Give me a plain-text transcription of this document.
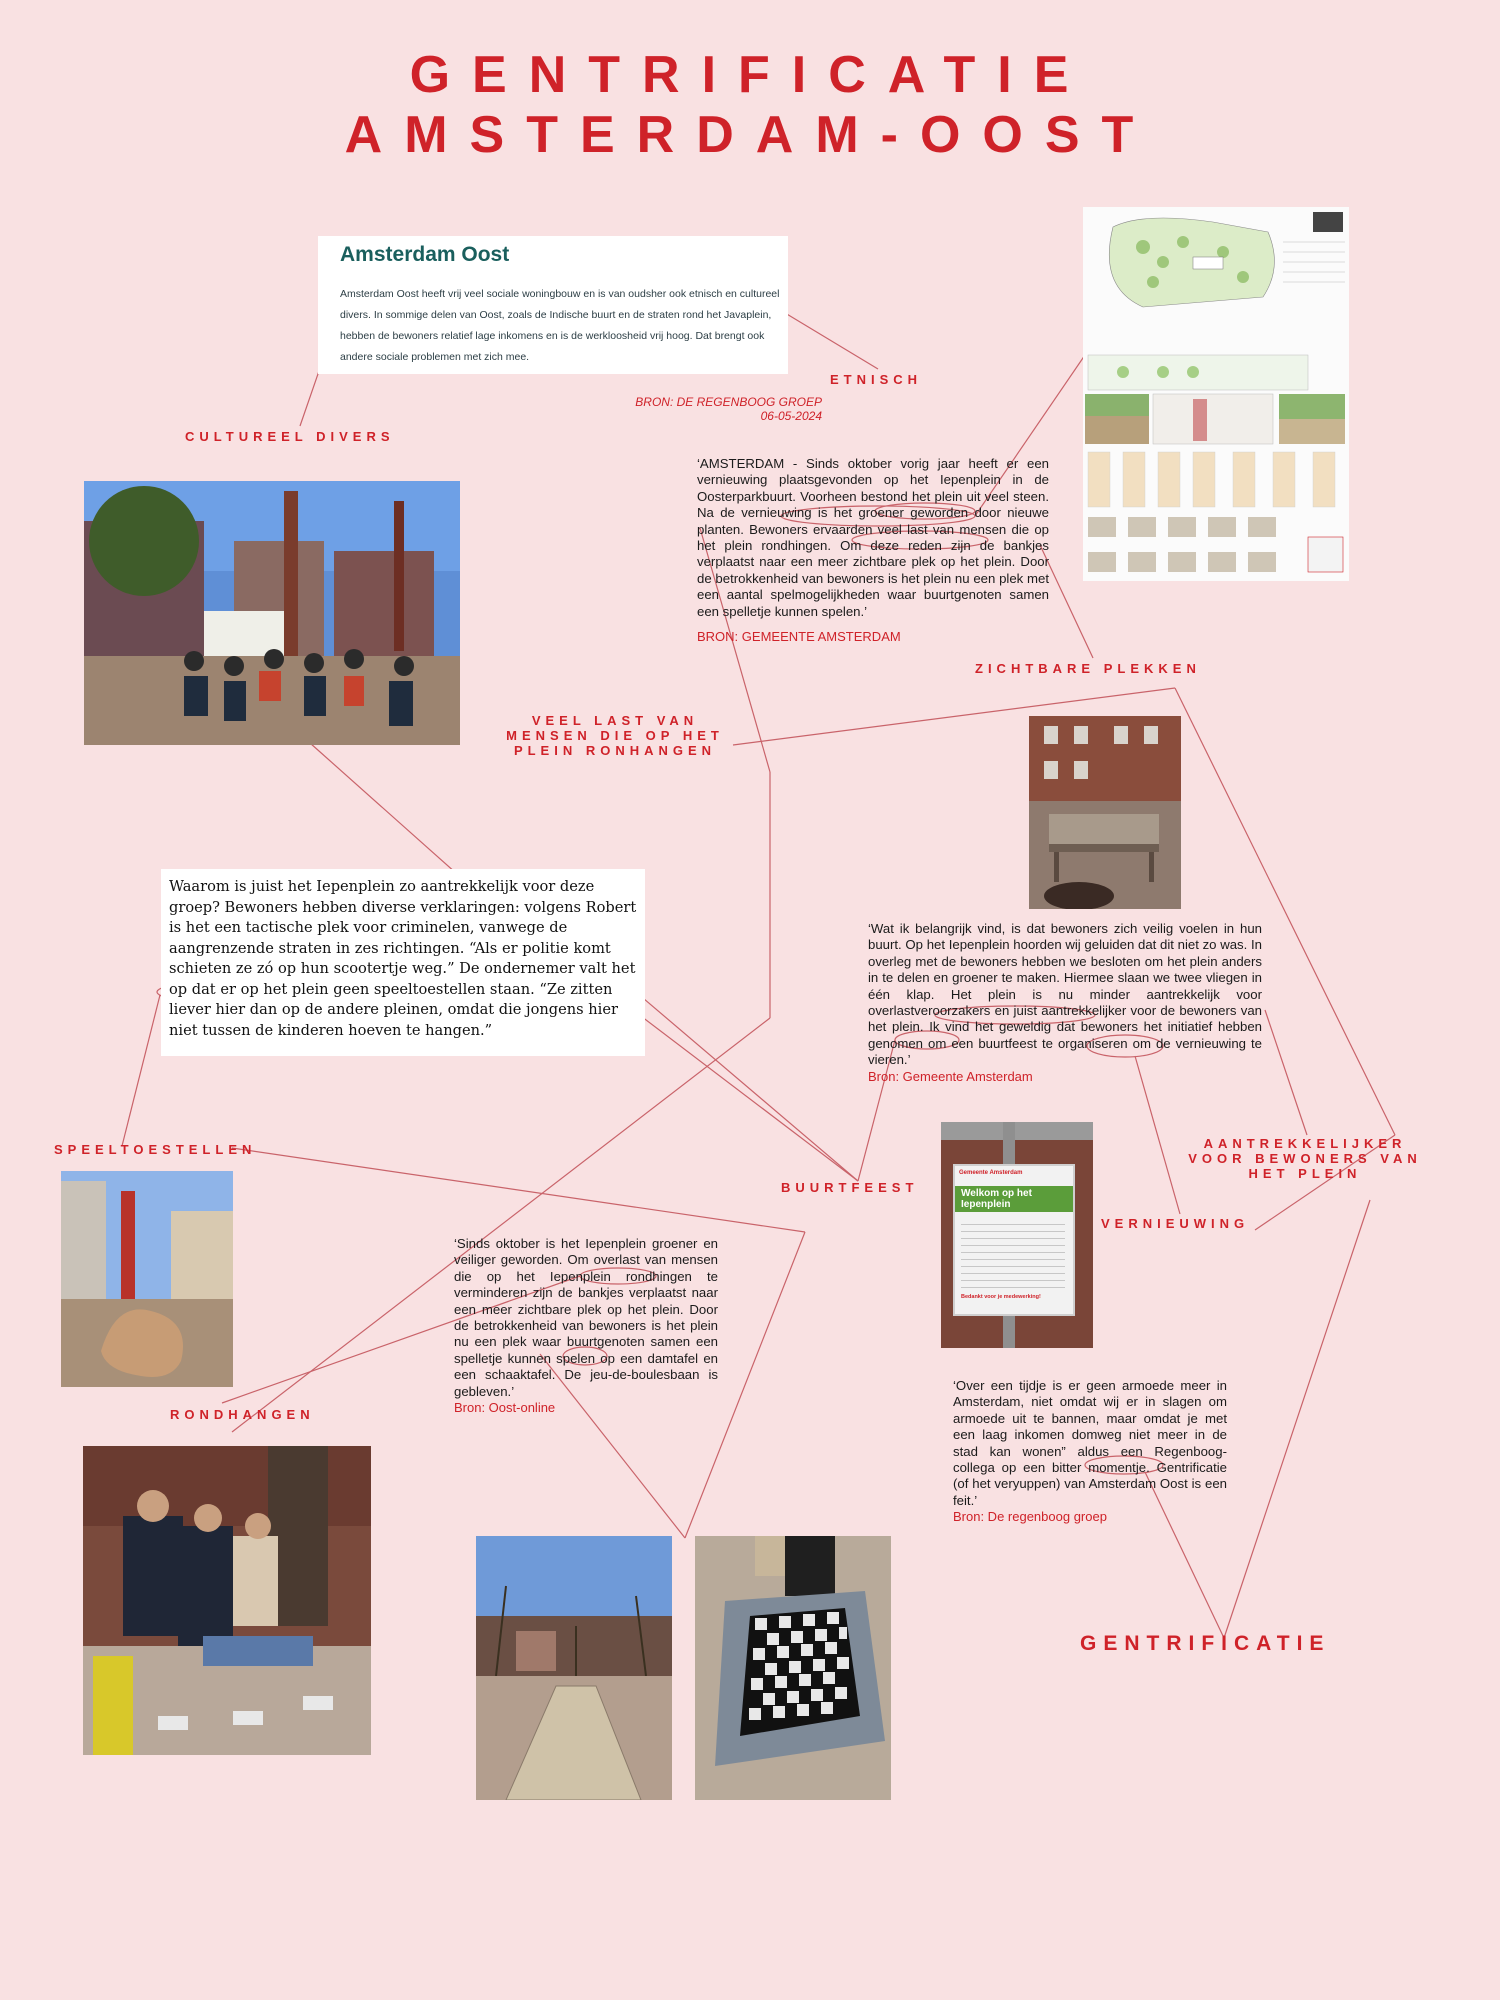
GENTRIFICATIE
AMSTERDAM-OOST
Amsterdam Oost
Amsterdam Oost heeft vrij veel sociale woningbouw en is van oudsher ook etnisch en cultureel divers. In sommige delen van Oost, zoals de Indische buurt en de straten rond het Javaplein, hebben de bewoners relatief lage inkomens en is de werkloosheid vrij hoog. Dat brengt ook andere sociale problemen met zich mee.
BRON: DE REGENBOOG GROEP
06-05-2024
ETNISCH
CULTUREEL DIVERS
‘AMSTERDAM - Sinds oktober vorig jaar heeft er een vernieuwing plaatsgevonden op het Iepenplein in de Oosterparkbuurt. Voorheen bestond het plein uit veel steen. Na de vernieuwing is het groener geworden door nieuwe planten. Bewoners ervaarden veel last van mensen die op het plein rondhingen. Om deze reden zijn de bankjes verplaatst naar een meer zichtbare plek op het plein. Door de betrokkenheid van bewoners is het plein nu een plek met een aantal spelmogelijkheden waar buurtgenoten samen een spelletje kunnen spelen.’
BRON: GEMEENTE AMSTERDAM
ZICHTBARE PLEKKEN
VEEL LAST VAN MENSEN DIE OP HET PLEIN RONHANGEN
Waarom is juist het Iepenplein zo aantrekkelijk voor deze groep? Bewoners hebben diverse verklaringen: volgens Robert is het een tactische plek voor criminelen, vanwege de aangrenzende straten in zes richtingen. “Als er politie komt schieten ze zó op hun scootertje weg.” De ondernemer valt het op dat er op het plein geen speeltoestellen staan. “Ze zitten liever hier dan op de andere pleinen, omdat die jongens hier niet tussen de kinderen hoeven te hangen.”
‘Wat ik belangrijk vind, is dat bewoners zich veilig voelen in hun buurt. Op het Iepenplein hoorden wij geluiden dat dit niet zo was. In overleg met de bewoners hebben we besloten om het plein anders in te delen en groener te maken. Hiermee slaan we twee vliegen in één klap. Het plein is nu minder aantrekkelijk voor overlastveroorzakers en juist aantrekkelijker voor de bewoners van het plein. Ik vind het geweldig dat bewoners het initiatief hebben genomen om een buurtfeest te organiseren om de vernieuwing te vieren.’
Bron: Gemeente Amsterdam
SPEELTOESTELLEN
BUURTFEEST
AANTREKKELIJKER VOOR BEWONERS VAN HET PLEIN
VERNIEUWING
Gemeente Amsterdam
Welkom op het Iepenplein
Bedankt voor je medewerking!
‘Sinds oktober is het Iepenplein groener en veiliger geworden. Om overlast van mensen die op het Iepenplein rondhingen te verminderen zijn de bankjes verplaatst naar een meer zichtbare plek op het plein. Door de betrokkenheid van bewoners is het plein nu een plek waar buurtgenoten samen een spelletje kunnen spelen op een damtafel en een schaaktafel. De jeu-de-boulesbaan is gebleven.’
Bron: Oost-online
RONDHANGEN
‘Over een tijdje is er geen armoede meer in Amsterdam, niet omdat wij er in slagen om armoede uit te bannen, maar omdat je met een laag inkomen domweg niet meer in de stad kan wonen” aldus een Regenboog-collega op een bitter momentje. Gentrificatie (of het veryuppen) van Amsterdam Oost is een feit.’
Bron: De regenboog groep
GENTRIFICATIE
